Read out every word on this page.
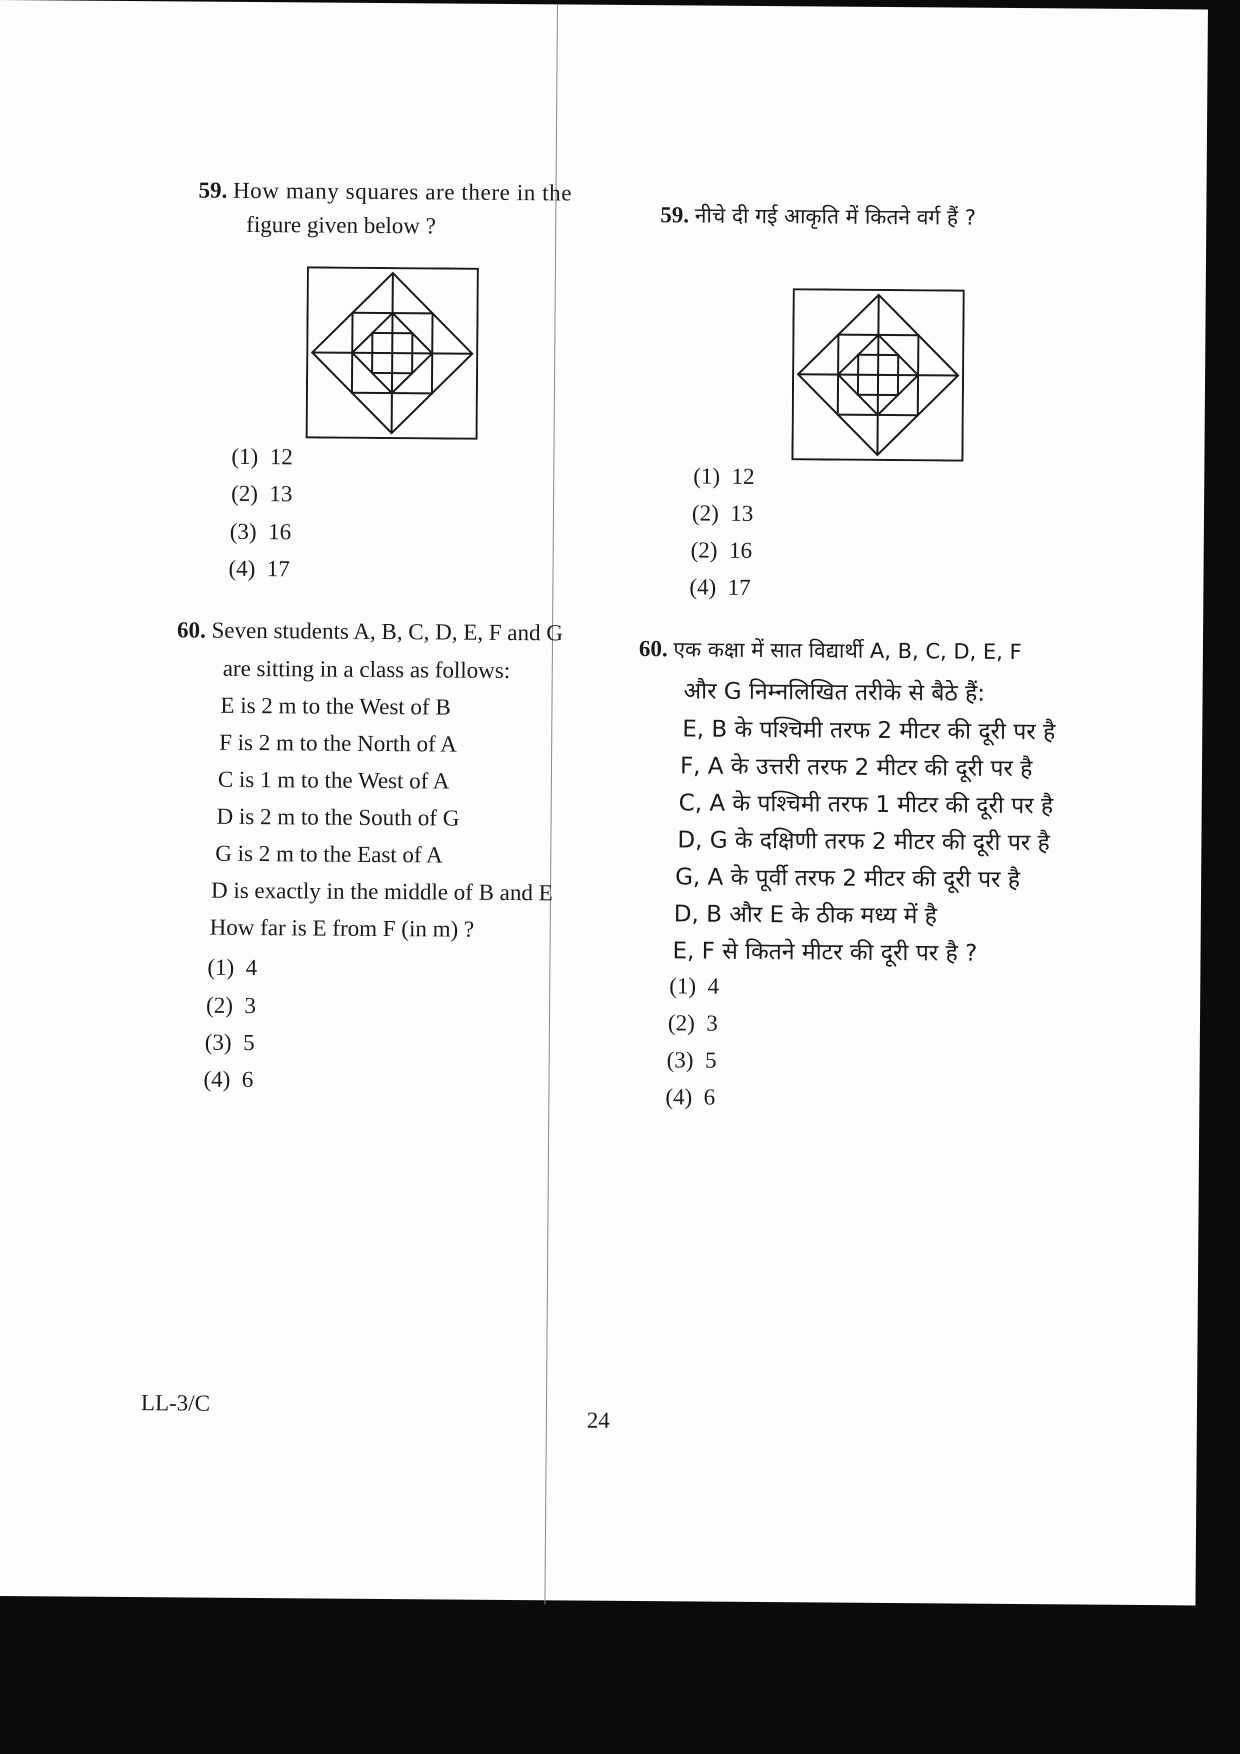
59. How many squares are there in the
figure given below ?	59. नीचे दी गई आकृति में कितने वर्ग हैं ?
(1) 12
(2) 13
(3) 16
(4) 17
(1) 12
(2) 13
(2) 16
(4) 17
60. Seven students A, B, C, D, E, F and G
are sitting in a class as follows:
E is 2 m to the West of B
F is 2 m to the North of A
C is 1 m to the West of A
D is 2 m to the South of G
G is 2 m to the East of A
D is exactly in the middle of B and E
How far is E from F (in m) ?
(1) 4
(2) 3
(3) 5
(4) 6
60. एक कक्षा में सात विद्यार्थी A, B, C, D, E, F
और G निम्नलिखित तरीके से बैठे हैं:
E, B के पश्चिमी तरफ 2 मीटर की दूरी पर है
F, A के उत्तरी तरफ 2 मीटर की दूरी पर है
C, A के पश्चिमी तरफ 1 मीटर की दूरी पर है
D, G के दक्षिणी तरफ 2 मीटर की दूरी पर है
G, A के पूर्वी तरफ 2 मीटर की दूरी पर है
D, B और E के ठीक मध्य में है
E, F से कितने मीटर की दूरी पर है ?
(1) 4
(2) 3
(3) 5
(4) 6
LL-3/C
24
